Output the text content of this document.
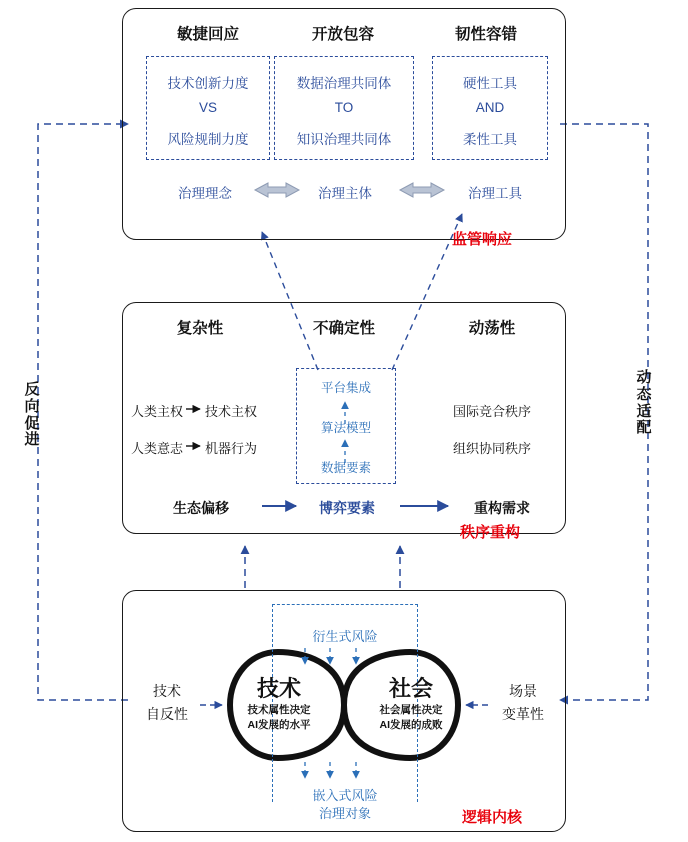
敏捷回应	开放包容	韧性容错
技术创新力度
VS
风险规制力度
数据治理共同体
TO
知识治理共同体
硬性工具
AND
柔性工具
治理理念	治理主体	治理工具
监管响应
复杂性	不确定性	动荡性
人类主权 技术主权
人类意志 机器行为
平台集成
算法模型
数据要素
国际竞合秩序
组织协同秩序
生态偏移	博弈要素	重构需求
秩序重构
衍生式风险
嵌入式风险
治理对象
技术
技术属性决定
AI发展的水平
社会
社会属性决定
AI发展的成败
技术
自反性
场景
变革性
逻辑内核
反向促进
动态适配
